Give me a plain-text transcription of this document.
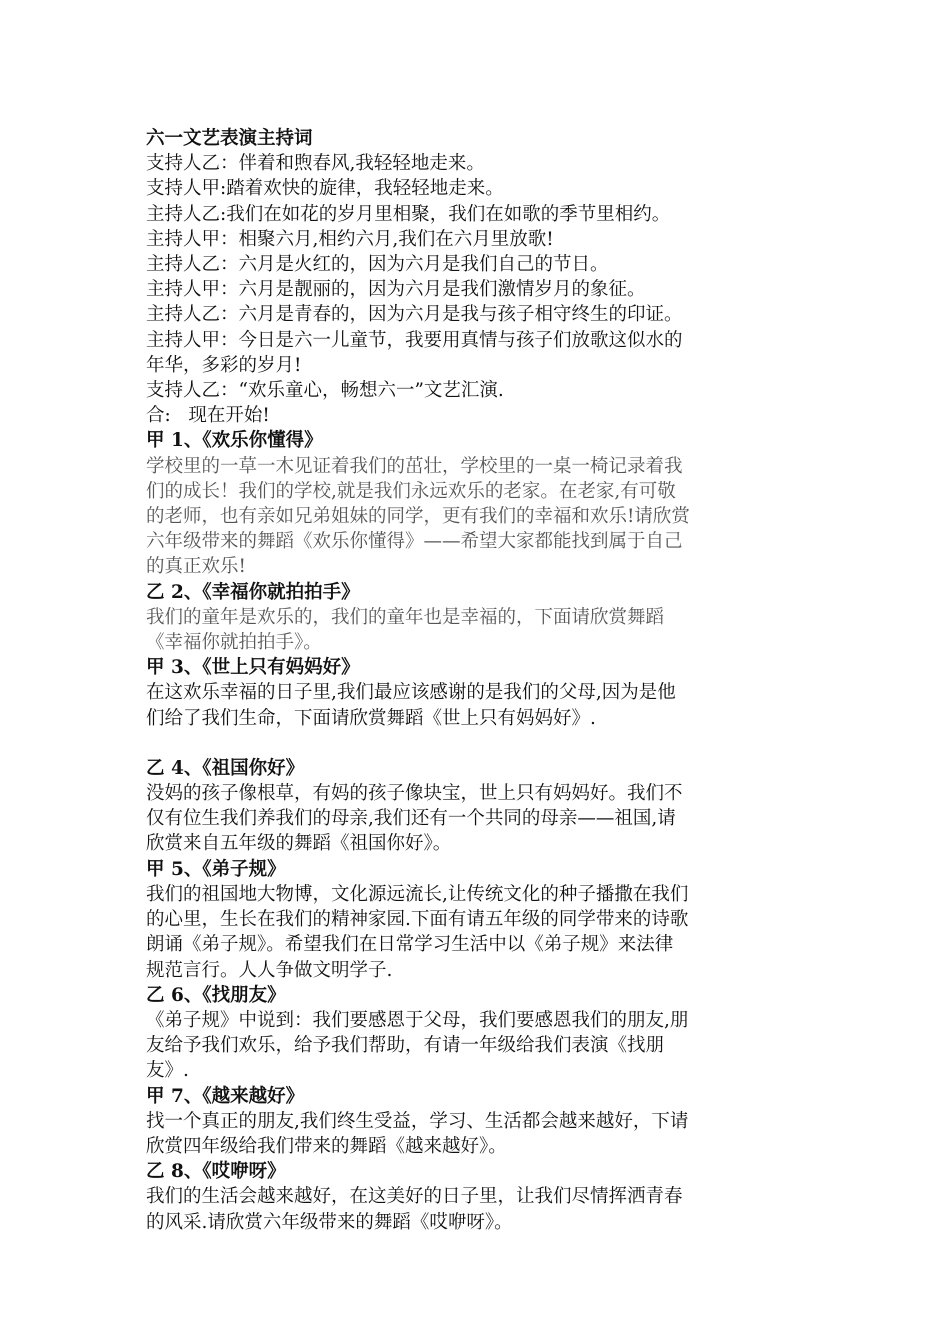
六一文艺表演主持词
支持人乙：伴着和煦春风,我轻轻地走来。
支持人甲:踏着欢快的旋律，我轻轻地走来。
主持人乙:我们在如花的岁月里相聚，我们在如歌的季节里相约。
主持人甲：相聚六月,相约六月,我们在六月里放歌!
主持人乙：六月是火红的，因为六月是我们自己的节日。
主持人甲：六月是靓丽的，因为六月是我们激情岁月的象征。
主持人乙：六月是青春的，因为六月是我与孩子相守终生的印证。
主持人甲：今日是六一儿童节，我要用真情与孩子们放歌这似水的
年华，多彩的岁月!
支持人乙：“欢乐童心，畅想六一”文艺汇演.
合:   现在开始!
甲 1、《欢乐你懂得》
学校里的一草一木见证着我们的茁壮，学校里的一桌一椅记录着我
们的成长！我们的学校,就是我们永远欢乐的老家。在老家,有可敬
的老师，也有亲如兄弟姐妹的同学，更有我们的幸福和欢乐!请欣赏
六年级带来的舞蹈《欢乐你懂得》——希望大家都能找到属于自己
的真正欢乐!
乙 2、《幸福你就拍拍手》
我们的童年是欢乐的，我们的童年也是幸福的，下面请欣赏舞蹈
《幸福你就拍拍手》。
甲 3、《世上只有妈妈好》
在这欢乐幸福的日子里,我们最应该感谢的是我们的父母,因为是他
们给了我们生命，下面请欣赏舞蹈《世上只有妈妈好》.
乙 4、《祖国你好》
没妈的孩子像根草，有妈的孩子像块宝，世上只有妈妈好。我们不
仅有位生我们养我们的母亲,我们还有一个共同的母亲——祖国,请
欣赏来自五年级的舞蹈《祖国你好》。
甲 5、《弟子规》
我们的祖国地大物博，文化源远流长,让传统文化的种子播撒在我们
的心里，生长在我们的精神家园.下面有请五年级的同学带来的诗歌
朗诵《弟子规》。希望我们在日常学习生活中以《弟子规》来法律
规范言行。人人争做文明学子.
乙 6、《找朋友》
《弟子规》中说到：我们要感恩于父母，我们要感恩我们的朋友,朋
友给予我们欢乐，给予我们帮助，有请一年级给我们表演《找朋
友》.
甲 7、《越来越好》
找一个真正的朋友,我们终生受益，学习、生活都会越来越好，下请
欣赏四年级给我们带来的舞蹈《越来越好》。
乙 8、《哎咿呀》
我们的生活会越来越好，在这美好的日子里，让我们尽情挥洒青春
的风采.请欣赏六年级带来的舞蹈《哎咿呀》。
